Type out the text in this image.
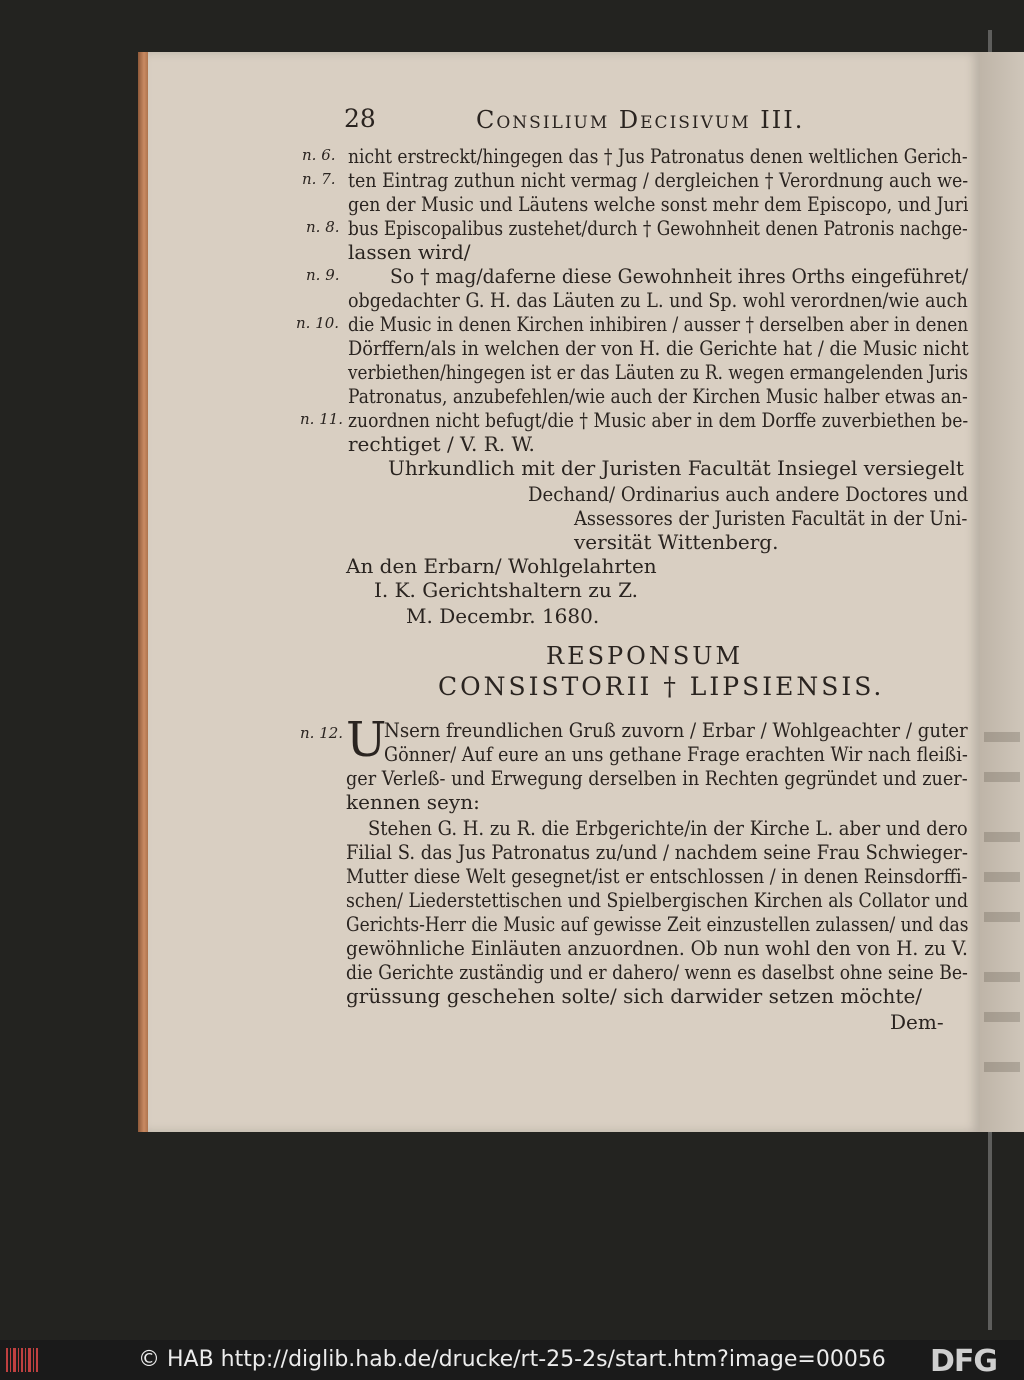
28	Consilium Decisivum III.
n. 6.
n. 7.
n. 8.
n. 9.
n. 10.
n. 11.
n. 12.
nicht erstreckt/hingegen das † Jus Patronatus denen weltlichen Gerich-
ten Eintrag zuthun nicht vermag / dergleichen † Verordnung auch we-
gen der Music und Läutens welche sonst mehr dem Episcopo, und Juri
bus Episcopalibus zustehet/durch † Gewohnheit denen Patronis nachge-
lassen wird/
So † mag/daferne diese Gewohnheit ihres Orths eingeführet/
obgedachter G. H. das Läuten zu L. und Sp. wohl verordnen/wie auch
die Music in denen Kirchen inhibiren / ausser † derselben aber in denen
Dörffern/als in welchen der von H. die Gerichte hat / die Music nicht
verbiethen/hingegen ist er das Läuten zu R. wegen ermangelenden Juris
Patronatus, anzubefehlen/wie auch der Kirchen Music halber etwas an-
zuordnen nicht befugt/die † Music aber in dem Dorffe zuverbiethen be-
rechtiget / V. R. W.
Uhrkundlich mit der Juristen Facultät Insiegel versiegelt
Dechand/ Ordinarius auch andere Doctores und
Assessores der Juristen Facultät in der Uni-
versität Wittenberg.
An den Erbarn/ Wohlgelahrten
I. K. Gerichtshaltern zu Z.
M. Decembr. 1680.
RESPONSUM
CONSISTORII † LIPSIENSIS.
U
Nsern freundlichen Gruß zuvorn / Erbar / Wohlgeachter / guter
Gönner/ Auf eure an uns gethane Frage erachten Wir nach fleißi-
ger Verleß- und Erwegung derselben in Rechten gegründet und zuer-
kennen seyn:
Stehen G. H. zu R. die Erbgerichte/in der Kirche L. aber und dero
Filial S. das Jus Patronatus zu/und / nachdem seine Frau Schwieger-
Mutter diese Welt gesegnet/ist er entschlossen / in denen Reinsdorffi-
schen/ Liederstettischen und Spielbergischen Kirchen als Collator und
Gerichts-Herr die Music auf gewisse Zeit einzustellen zulassen/ und das
gewöhnliche Einläuten anzuordnen. Ob nun wohl den von H. zu V.
die Gerichte zuständig und er dahero/ wenn es daselbst ohne seine Be-
grüssung geschehen solte/ sich darwider setzen möchte/
Dem-
© HAB http://diglib.hab.de/drucke/rt-25-2s/start.htm?image=00056 DFG
